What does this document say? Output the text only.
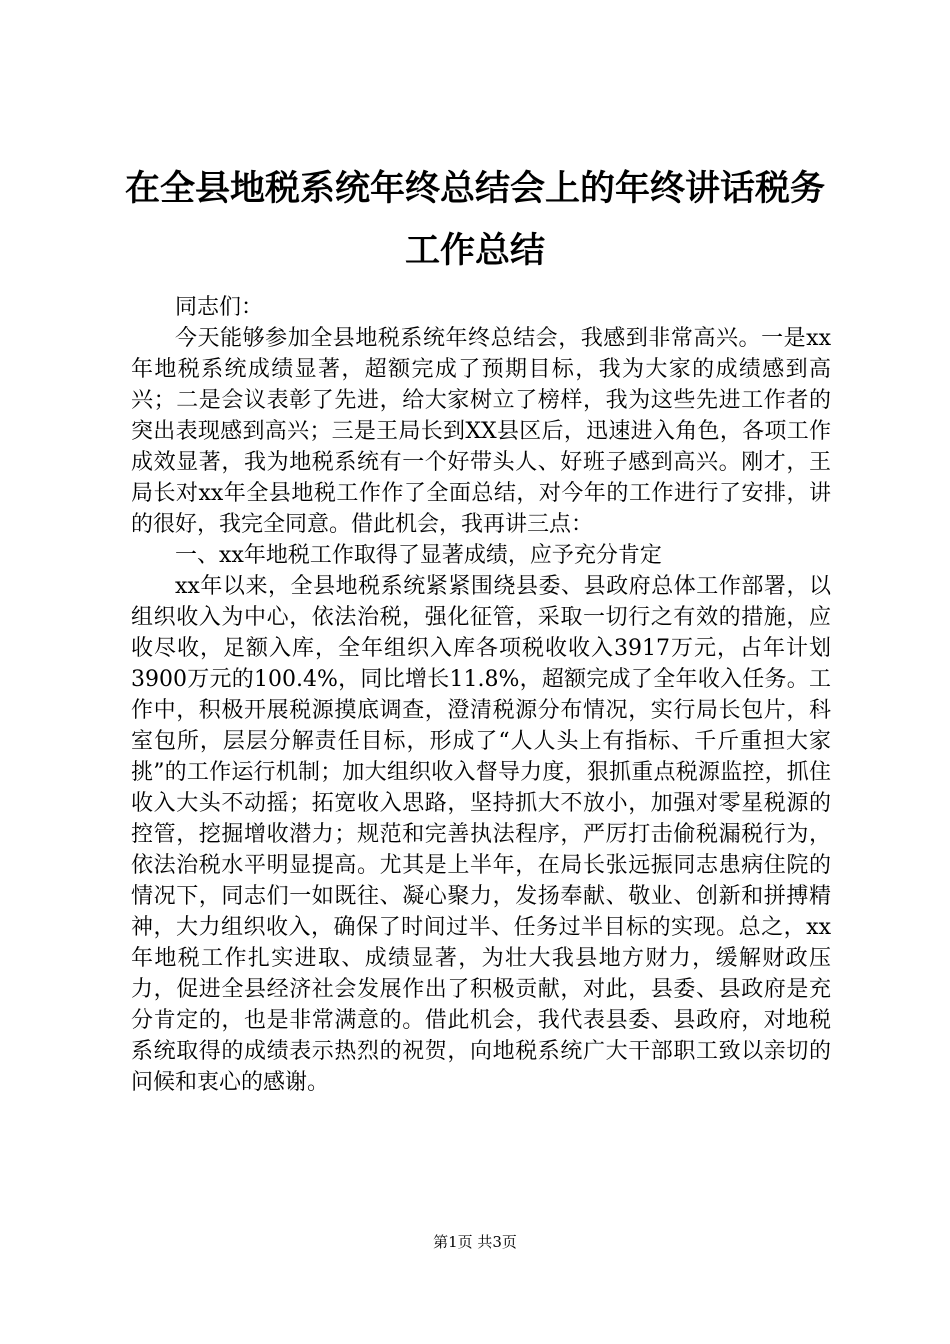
在全县地税系统年终总结会上的年终讲话税务工作总结

同志们：

今天能够参加全县地税系统年终总结会，我感到非常高兴。一是xx年地税系统成绩显著，超额完成了预期目标，我为大家的成绩感到高兴；二是会议表彰了先进，给大家树立了榜样，我为这些先进工作者的突出表现感到高兴；三是王局长到XX县区后，迅速进入角色，各项工作成效显著，我为地税系统有一个好带头人、好班子感到高兴。刚才，王局长对xx年全县地税工作作了全面总结，对今年的工作进行了安排，讲的很好，我完全同意。借此机会，我再讲三点：

一、xx年地税工作取得了显著成绩，应予充分肯定

xx年以来，全县地税系统紧紧围绕县委、县政府总体工作部署，以组织收入为中心，依法治税，强化征管，采取一切行之有效的措施，应收尽收，足额入库，全年组织入库各项税收收入3917万元，占年计划3900万元的100.4%，同比增长11.8%，超额完成了全年收入任务。工作中，积极开展税源摸底调查，澄清税源分布情况，实行局长包片，科室包所，层层分解责任目标，形成了“人人头上有指标、千斤重担大家挑”的工作运行机制；加大组织收入督导力度，狠抓重点税源监控，抓住收入大头不动摇；拓宽收入思路，坚持抓大不放小，加强对零星税源的控管，挖掘增收潜力；规范和完善执法程序，严厉打击偷税漏税行为，依法治税水平明显提高。尤其是上半年，在局长张远振同志患病住院的情况下，同志们一如既往、凝心聚力，发扬奉献、敬业、创新和拼搏精神，大力组织收入，确保了时间过半、任务过半目标的实现。总之，xx年地税工作扎实进取、成绩显著，为壮大我县地方财力，缓解财政压力，促进全县经济社会发展作出了积极贡献，对此，县委、县政府是充分肯定的，也是非常满意的。借此机会，我代表县委、县政府，对地税系统取得的成绩表示热烈的祝贺，向地税系统广大干部职工致以亲切的问候和衷心的感谢。

第1页 共3页
